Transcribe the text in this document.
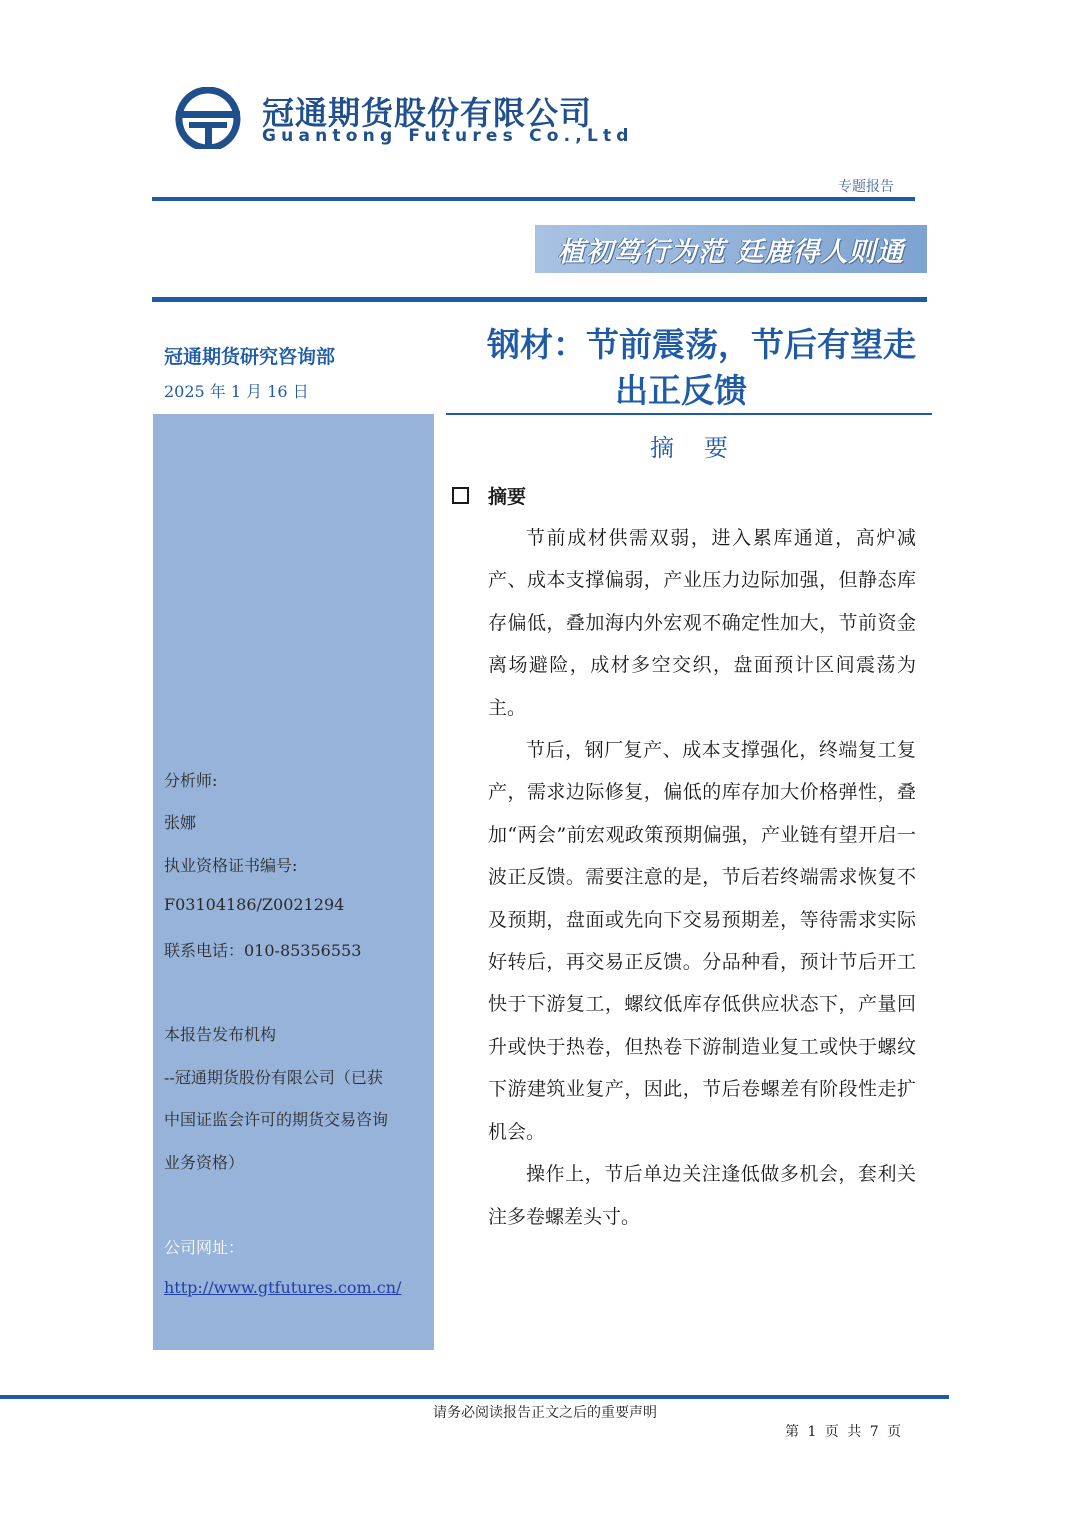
冠通期货股份有限公司
Guantong Futures Co.,Ltd
专题报告
植初笃行为范 廷鹿得人则通
冠通期货研究咨询部
2025 年 1 月 16 日
钢材：节前震荡，节后有望走
出正反馈
分析师:
张娜
执业资格证书编号:
F03104186/Z0021294
联系电话：010-85356553
本报告发布机构
--冠通期货股份有限公司（已获
中国证监会许可的期货交易咨询
业务资格）
公司网址：
http://www.gtfutures.com.cn/
摘要
摘要

节前成材供需双弱，进入累库通道，高炉减产、成本支撑偏弱，产业压力边际加强，但静态库存偏低，叠加海内外宏观不确定性加大，节前资金离场避险，成材多空交织，盘面预计区间震荡为主。

节后，钢厂复产、成本支撑强化，终端复工复产，需求边际修复，偏低的库存加大价格弹性，叠加“两会”前宏观政策预期偏强，产业链有望开启一波正反馈。需要注意的是，节后若终端需求恢复不及预期，盘面或先向下交易预期差，等待需求实际好转后，再交易正反馈。分品种看，预计节后开工快于下游复工，螺纹低库存低供应状态下，产量回升或快于热卷，但热卷下游制造业复工或快于螺纹下游建筑业复产，因此，节后卷螺差有阶段性走扩机会。

操作上，节后单边关注逢低做多机会，套利关注多卷螺差头寸。

请务必阅读报告正文之后的重要声明
第 1 页 共 7 页
